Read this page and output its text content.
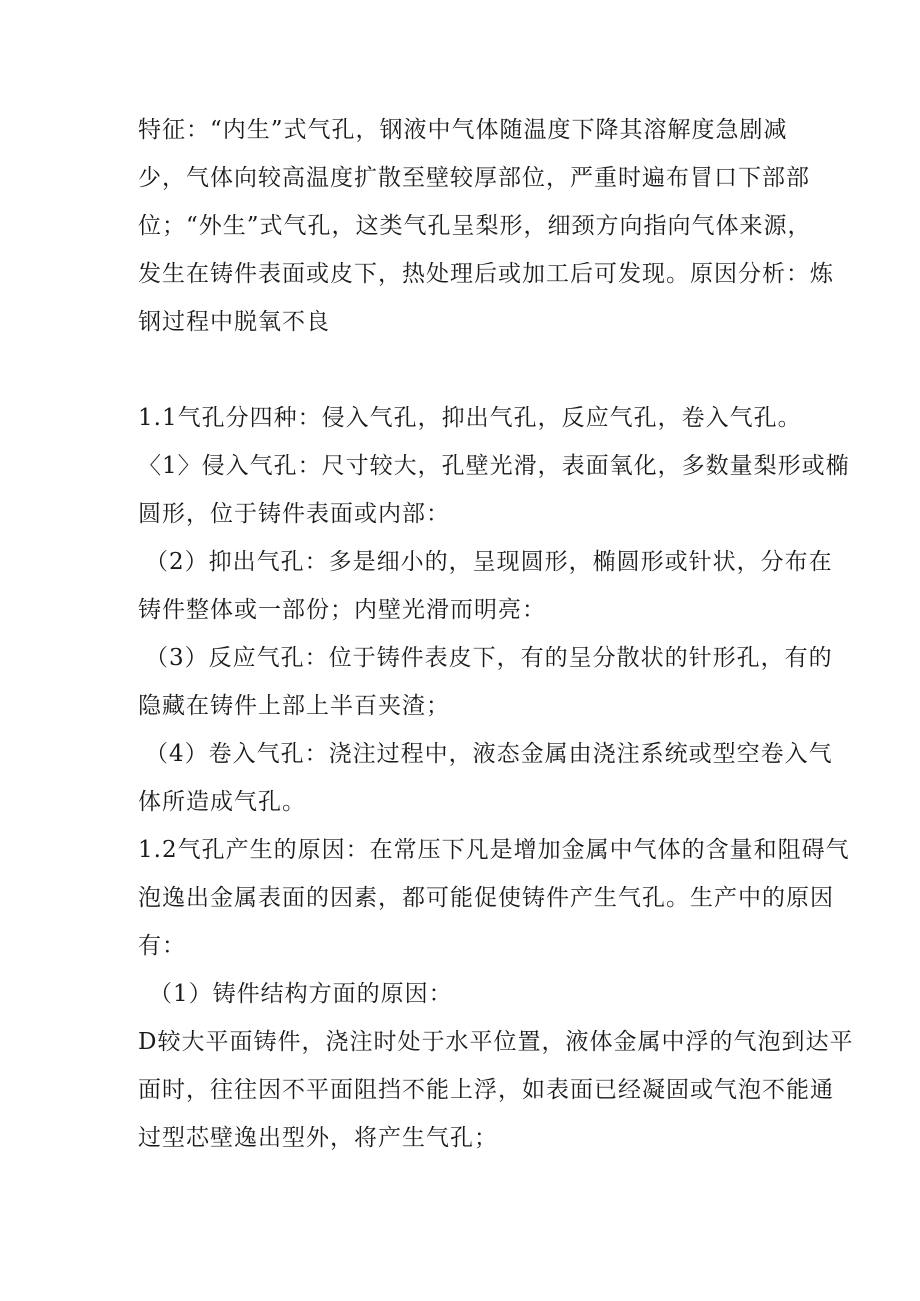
特征：“内生”式气孔，钢液中气体随温度下降其溶解度急剧减
少，气体向较高温度扩散至壁较厚部位，严重时遍布冒口下部部
位；“外生”式气孔，这类气孔呈梨形，细颈方向指向气体来源，
发生在铸件表面或皮下，热处理后或加工后可发现。原因分析：炼
钢过程中脱氧不良
1.1气孔分四种：侵入气孔，抑出气孔，反应气孔，卷入气孔。
〈1〉侵入气孔：尺寸较大，孔壁光滑，表面氧化，多数量梨形或椭
圆形，位于铸件表面或内部：
（2）抑出气孔：多是细小的，呈现圆形，椭圆形或针状，分布在
铸件整体或一部份；内壁光滑而明亮：
（3）反应气孔：位于铸件表皮下，有的呈分散状的针形孔，有的
隐藏在铸件上部上半百夹渣；
（4）卷入气孔：浇注过程中，液态金属由浇注系统或型空卷入气
体所造成气孔。
1.2气孔产生的原因：在常压下凡是增加金属中气体的含量和阻碍气
泡逸出金属表面的因素，都可能促使铸件产生气孔。生产中的原因
有：
（1）铸件结构方面的原因：
D较大平面铸件，浇注时处于水平位置，液体金属中浮的气泡到达平
面时，往往因不平面阻挡不能上浮，如表面已经凝固或气泡不能通
过型芯壁逸出型外，将产生气孔；
